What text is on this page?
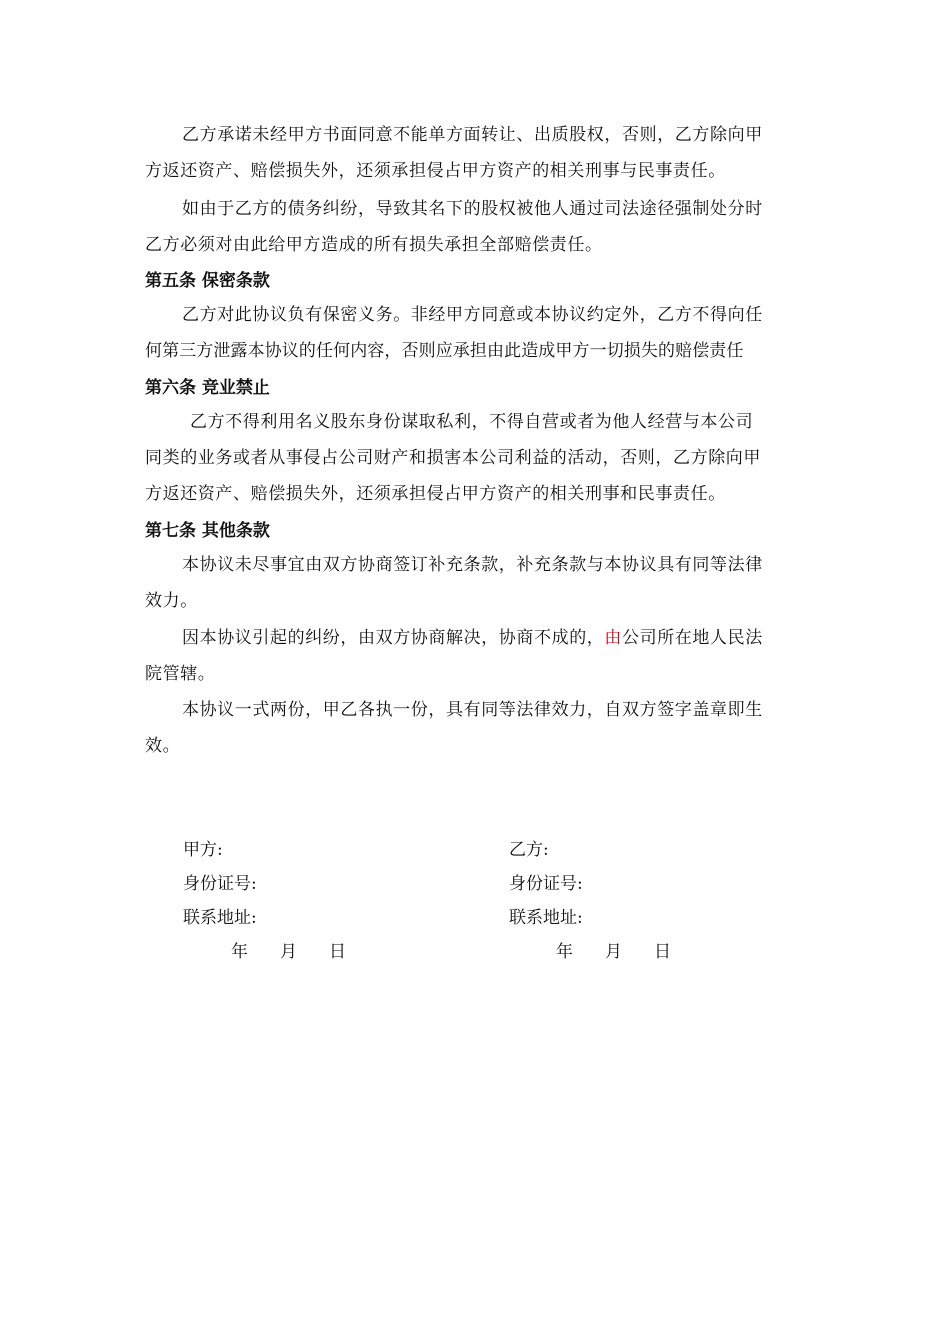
乙方承诺未经甲方书面同意不能单方面转让、出质股权，否则，乙方除向甲
方返还资产、赔偿损失外，还须承担侵占甲方资产的相关刑事与民事责任。
如由于乙方的债务纠纷，导致其名下的股权被他人通过司法途径强制处分时
乙方必须对由此给甲方造成的所有损失承担全部赔偿责任。
第五条 保密条款
乙方对此协议负有保密义务。非经甲方同意或本协议约定外，乙方不得向任
何第三方泄露本协议的任何内容，否则应承担由此造成甲方一切损失的赔偿责任
第六条 竞业禁止
乙方不得利用名义股东身份谋取私利，不得自营或者为他人经营与本公司
同类的业务或者从事侵占公司财产和损害本公司利益的活动，否则，乙方除向甲
方返还资产、赔偿损失外，还须承担侵占甲方资产的相关刑事和民事责任。
第七条 其他条款
本协议未尽事宜由双方协商签订补充条款，补充条款与本协议具有同等法律
效力。
因本协议引起的纠纷，由双方协商解决，协商不成的，由公司所在地人民法
院管辖。
本协议一式两份，甲乙各执一份，具有同等法律效力，自双方签字盖章即生
效。
甲方:
身份证号:
联系地址:
年 月 日
乙方:
身份证号:
联系地址:
年 月 日
